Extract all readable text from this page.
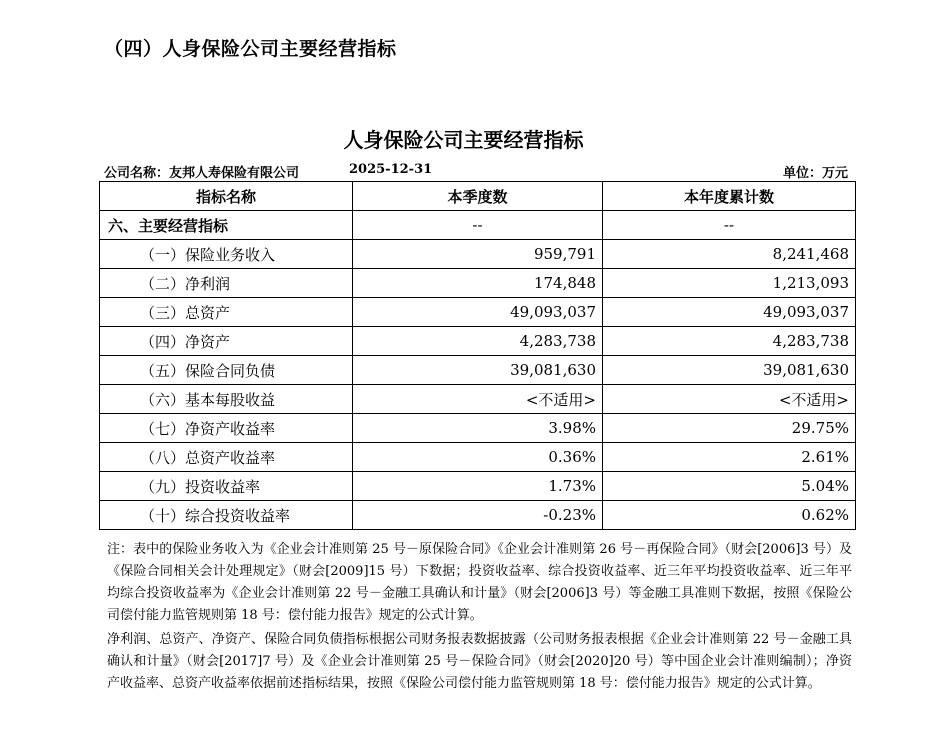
（四）人身保险公司主要经营指标
人身保险公司主要经营指标
公司名称：友邦人寿保险有限公司	2025-12-31	单位：万元
指标名称	本季度数	本年度累计数
六、主要经营指标	--	--
（一）保险业务收入	959,791	8,241,468
（二）净利润	174,848	1,213,093
（三）总资产	49,093,037	49,093,037
（四）净资产	4,283,738	4,283,738
（五）保险合同负债	39,081,630	39,081,630
（六）基本每股收益	<不适用>	<不适用>
（七）净资产收益率	3.98%	29.75%
（八）总资产收益率	0.36%	2.61%
（九）投资收益率	1.73%	5.04%
（十）综合投资收益率	-0.23%	0.62%
注：表中的保险业务收入为《企业会计准则第 25 号－原保险合同》《企业会计准则第 26 号－再保险合同》（财会[2006]3 号）及《保险合同相关会计处理规定》（财会[2009]15 号）下数据；投资收益率、综合投资收益率、近三年平均投资收益率、近三年平均综合投资收益率为《企业会计准则第 22 号－金融工具确认和计量》（财会[2006]3 号）等金融工具准则下数据，按照《保险公司偿付能力监管规则第 18 号：偿付能力报告》规定的公式计算。
净利润、总资产、净资产、保险合同负债指标根据公司财务报表数据披露（公司财务报表根据《企业会计准则第 22 号－金融工具确认和计量》（财会[2017]7 号）及《企业会计准则第 25 号－保险合同》（财会[2020]20 号）等中国企业会计准则编制）；净资产收益率、总资产收益率依据前述指标结果，按照《保险公司偿付能力监管规则第 18 号：偿付能力报告》规定的公式计算。
